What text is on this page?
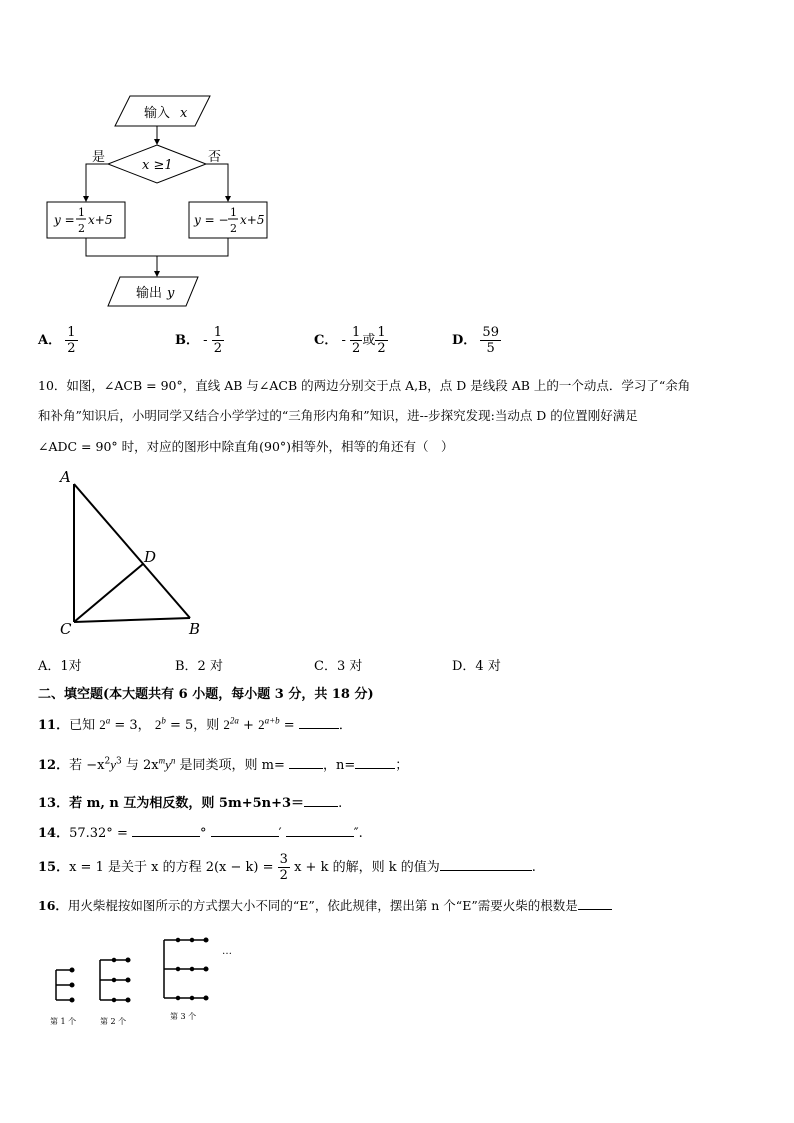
输入 x
x ≥1
是	否
y =
1
2
x+5	y = −
1
2
x+5
输出 y
A． $\frac{1}{2}$	B． - $\frac{1}{2}$	C． - $\frac{1}{2}$ 或 $\frac{1}{2}$	D． $\frac{59}{5}$
10．如图，∠ACB = 90°，直线 AB 与∠ACB 的两边分别交于点 A,B，点 D 是线段 AB 上的一个动点．学习了“余角
和补角”知识后，小明同学又结合小学学过的“三角形内角和”知识，进--步探究发现:当动点 D 的位置刚好满足
∠ADC = 90° 时，对应的图形中除直角(90°)相等外，相等的角还有（　）
A
C	B
D
A．1对	B．2 对	C．3 对	D．4 对
二、填空题(本大题共有 6 小题，每小题 3 分，共 18 分)
11．已知 $2^a = 3$， $2^b = 5$，则 $2^{2a} + 2^{a+b}$ =	．
12．若 $-x^2y^3$ 与 $2x^my^n$ 是同类项，则 m=	，n=	；
13．若 m, n 互为相反数，则 5m+5n+3＝	.
14．57.32° =	°	′	″.
15．x = 1 是关于 x 的方程 $2(x - k) = \frac{3}{2}$ x + k 的解，则 k 的值为	.
16．用火柴棍按如图所示的方式摆大小不同的“E”，依此规律，摆出第 n 个“E”需要火柴的根数是
…
第 1 个	第 2 个
第 3 个
